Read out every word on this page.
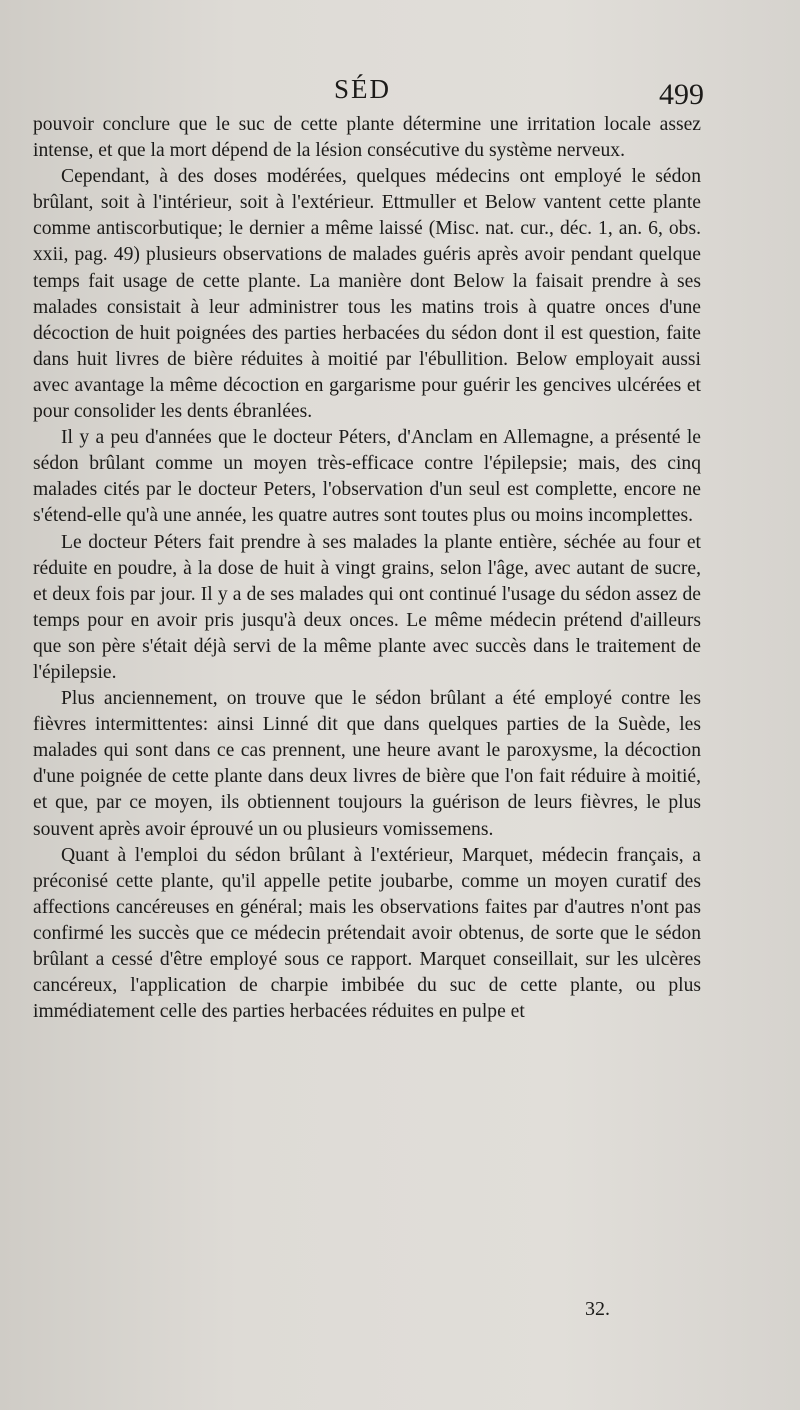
SÉD	499

pouvoir conclure que le suc de cette plante détermine une irritation locale assez intense, et que la mort dépend de la lésion consécutive du système nerveux.

Cependant, à des doses modérées, quelques médecins ont employé le sédon brûlant, soit à l'intérieur, soit à l'extérieur. Ettmuller et Below vantent cette plante comme antiscorbutique; le dernier a même laissé (Misc. nat. cur., déc. 1, an. 6, obs. xxii, pag. 49) plusieurs observations de malades guéris après avoir pendant quelque temps fait usage de cette plante. La manière dont Below la faisait prendre à ses malades consistait à leur administrer tous les matins trois à quatre onces d'une décoction de huit poignées des parties herbacées du sédon dont il est question, faite dans huit livres de bière réduites à moitié par l'ébullition. Below employait aussi avec avantage la même décoction en gargarisme pour guérir les gencives ulcérées et pour consolider les dents ébranlées.

Il y a peu d'années que le docteur Péters, d'Anclam en Allemagne, a présenté le sédon brûlant comme un moyen très-efficace contre l'épilepsie; mais, des cinq malades cités par le docteur Peters, l'observation d'un seul est complette, encore ne s'étend-elle qu'à une année, les quatre autres sont toutes plus ou moins incomplettes.

Le docteur Péters fait prendre à ses malades la plante entière, séchée au four et réduite en poudre, à la dose de huit à vingt grains, selon l'âge, avec autant de sucre, et deux fois par jour. Il y a de ses malades qui ont continué l'usage du sédon assez de temps pour en avoir pris jusqu'à deux onces. Le même médecin prétend d'ailleurs que son père s'était déjà servi de la même plante avec succès dans le traitement de l'épilepsie.

Plus anciennement, on trouve que le sédon brûlant a été employé contre les fièvres intermittentes: ainsi Linné dit que dans quelques parties de la Suède, les malades qui sont dans ce cas prennent, une heure avant le paroxysme, la décoction d'une poignée de cette plante dans deux livres de bière que l'on fait réduire à moitié, et que, par ce moyen, ils obtiennent toujours la guérison de leurs fièvres, le plus souvent après avoir éprouvé un ou plusieurs vomissemens.

Quant à l'emploi du sédon brûlant à l'extérieur, Marquet, médecin français, a préconisé cette plante, qu'il appelle petite joubarbe, comme un moyen curatif des affections cancéreuses en général; mais les observations faites par d'autres n'ont pas confirmé les succès que ce médecin prétendait avoir obtenus, de sorte que le sédon brûlant a cessé d'être employé sous ce rapport. Marquet conseillait, sur les ulcères cancéreux, l'application de charpie imbibée du suc de cette plante, ou plus immédiatement celle des parties herbacées réduites en pulpe et

32.
